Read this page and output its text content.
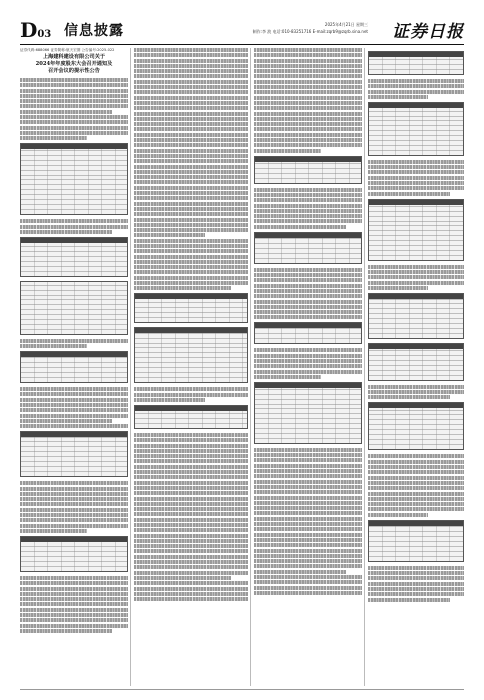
D03 信息披露	2025年4月21日 星期三
制作:李 波 电话:010-83251716 E-mail:zqrb9@zqrb.sina.net 证券日报
证券代码:688066 证券简称:航天宏图 公告编号:2025-022
上海建科建设有限公司关于
2024年年度股东大会召开通知及
召开会议的提示性公告
